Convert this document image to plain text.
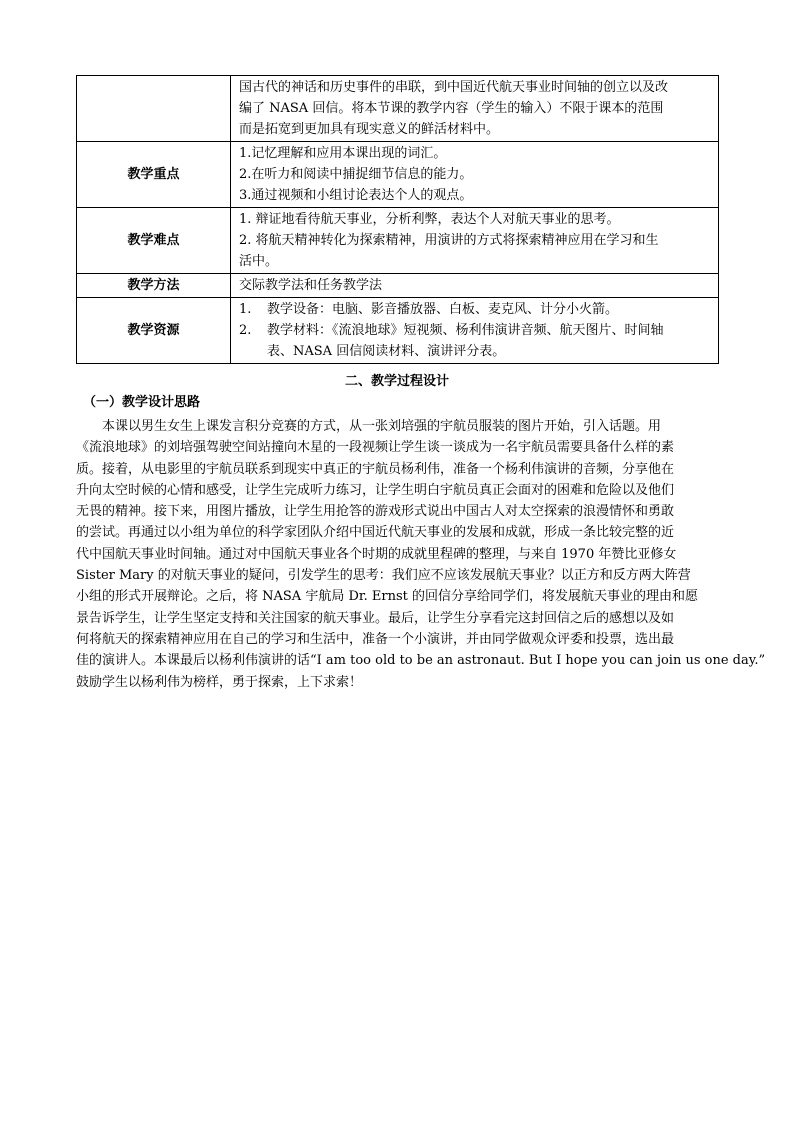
	国古代的神话和历史事件的串联，到中国近代航天事业时间轴的创立以及改
编了 NASA 回信。将本节课的教学内容（学生的输入）不限于课本的范围
而是拓宽到更加具有现实意义的鲜活材料中。

教学重点	1.记忆理解和应用本课出现的词汇。
2.在听力和阅读中捕捉细节信息的能力。
3.通过视频和小组讨论表达个人的观点。

教学难点	1. 辩证地看待航天事业，分析利弊，表达个人对航天事业的思考。
2. 将航天精神转化为探索精神，用演讲的方式将探索精神应用在学习和生
活中。

教学方法	交际教学法和任务教学法
教学资源	1. 教学设备：电脑、影音播放器、白板、麦克风、计分小火箭。
2. 教学材料：《流浪地球》短视频、杨利伟演讲音频、航天图片、时间轴
表、NASA 回信阅读材料、演讲评分表。
二、教学过程设计
（一）教学设计思路
本课以男生女生上课发言积分竞赛的方式，从一张刘培强的宇航员服装的图片开始，引入话题。用
《流浪地球》的刘培强驾驶空间站撞向木星的一段视频让学生谈一谈成为一名宇航员需要具备什么样的素
质。接着，从电影里的宇航员联系到现实中真正的宇航员杨利伟，准备一个杨利伟演讲的音频，分享他在
升向太空时候的心情和感受，让学生完成听力练习，让学生明白宇航员真正会面对的困难和危险以及他们
无畏的精神。接下来，用图片播放，让学生用抢答的游戏形式说出中国古人对太空探索的浪漫情怀和勇敢
的尝试。再通过以小组为单位的科学家团队介绍中国近代航天事业的发展和成就，形成一条比较完整的近
代中国航天事业时间轴。通过对中国航天事业各个时期的成就里程碑的整理，与来自 1970 年赞比亚修女
Sister Mary 的对航天事业的疑问，引发学生的思考：我们应不应该发展航天事业？以正方和反方两大阵营
小组的形式开展辩论。之后，将 NASA 宇航局 Dr. Ernst 的回信分享给同学们，将发展航天事业的理由和愿
景告诉学生，让学生坚定支持和关注国家的航天事业。最后，让学生分享看完这封回信之后的感想以及如
何将航天的探索精神应用在自己的学习和生活中，准备一个小演讲，并由同学做观众评委和投票，选出最
佳的演讲人。本课最后以杨利伟演讲的话“I am too old to be an astronaut. But I hope you can join us one day.”
鼓励学生以杨利伟为榜样，勇于探索，上下求索！
